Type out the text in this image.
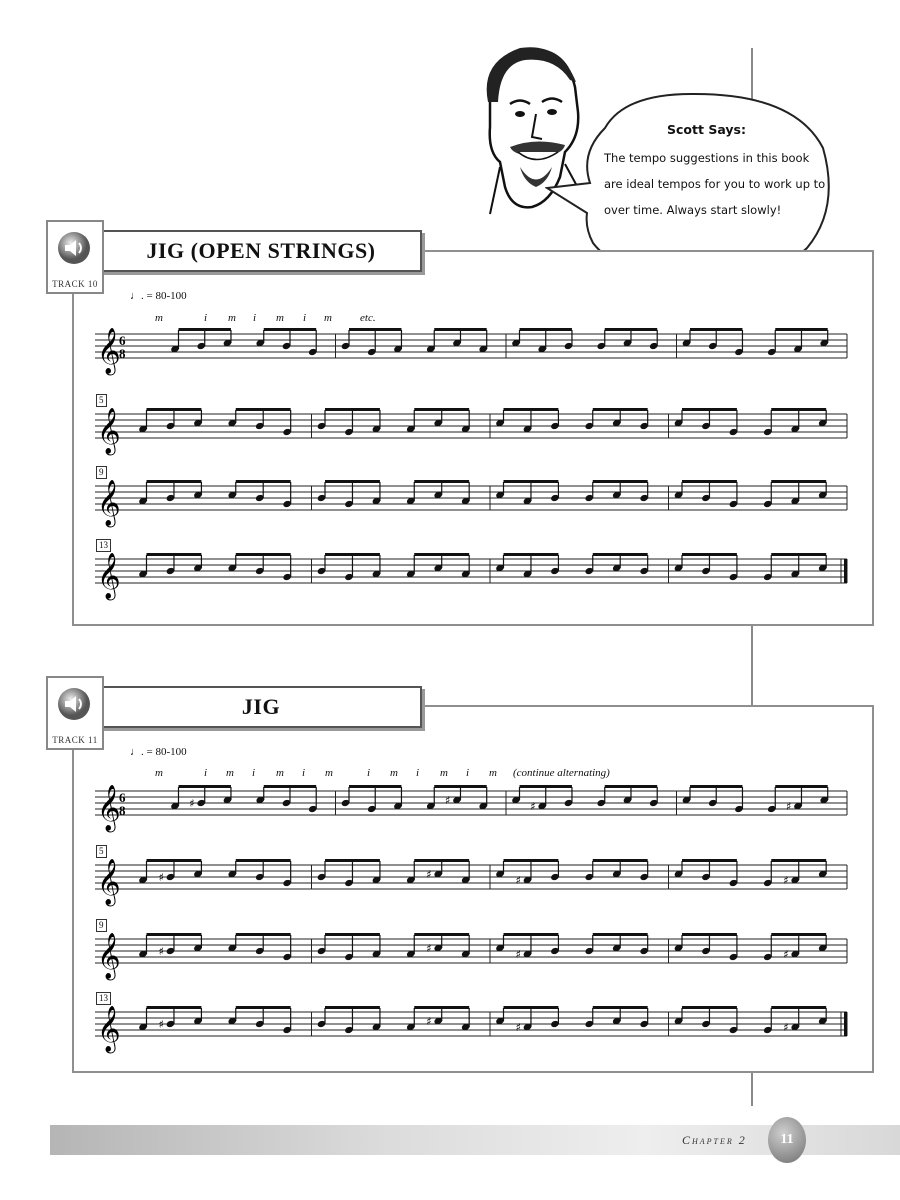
Scott Says:
The tempo suggestions in this book are ideal tempos for you to work up to over time. Always start slowly!
JIG (OPEN STRINGS)
TRACK 10
♩. = 80-100
m	i m i m i m	etc.
𝄞
6
8
5
𝄞
9
𝄞
13
𝄞
JIG
TRACK 11
♩. = 80-100
m	i m i m i m	i m i m i m (continue alternating)
𝄞
6
8	♯	♯	♯	♯
5
𝄞	♯	♯	♯	♯
9
𝄞	♯	♯	♯	♯
13
𝄞	♯	♯	♯	♯
Chapter 2	11
